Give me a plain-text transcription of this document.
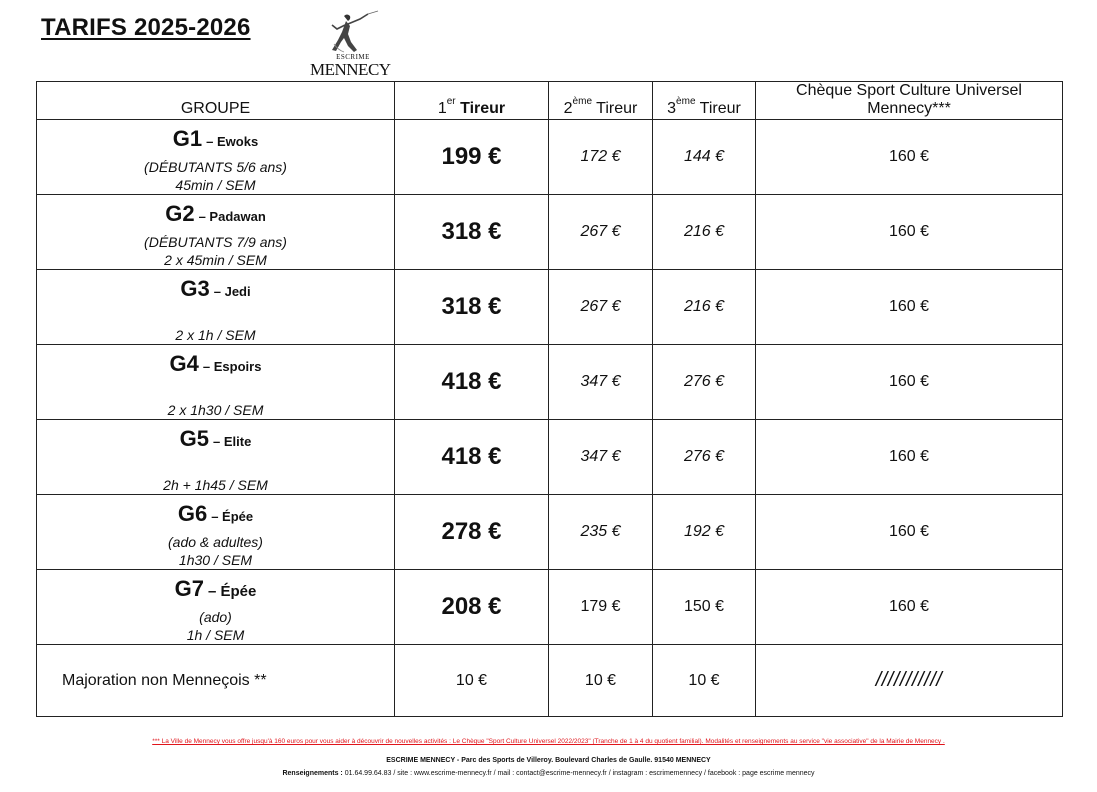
TARIFS 2025-2026
ESCRIME
MENNECY
GROUPE	1er Tireur	2ème Tireur	3ème Tireur	Chèque Sport Culture Universel Mennecy***

G1 – Ewoks
(DÉBUTANTS 5/6 ans)
45min / SEM	199 €	172 €	144 €	160 €

G2 – Padawan
(DÉBUTANTS 7/9 ans)
2 x 45min / SEM	318 €	267 €	216 €	160 €

G3 – Jedi
2 x 1h / SEM	318 €	267 €	216 €	160 €

G4 – Espoirs
2 x 1h30 / SEM	418 €	347 €	276 €	160 €

G5 – Elite
2h + 1h45 / SEM	418 €	347 €	276 €	160 €

G6 – Épée
(ado & adultes)
1h30 / SEM	278 €	235 €	192 €	160 €

G7 – Épée
(ado)
1h / SEM	208 €	179 €	150 €	160 €
Majoration non Menneçois **	10 €	10 €	10 €	///////////
*** La Ville de Mennecy vous offre jusqu'à 160 euros pour vous aider à découvrir de nouvelles activités : Le Chèque "Sport Culture Universel 2022/2023" (Tranche de 1 à 4 du quotient familial). Modalités et renseignements au service "vie associative" de la Mairie de Mennecy .
ESCRIME MENNECY - Parc des Sports de Villeroy. Boulevard Charles de Gaulle. 91540 MENNECY
Renseignements : 01.64.99.64.83 / site : www.escrime-mennecy.fr / mail : contact@escrime-mennecy.fr / instagram : escrimemennecy / facebook : page escrime mennecy
